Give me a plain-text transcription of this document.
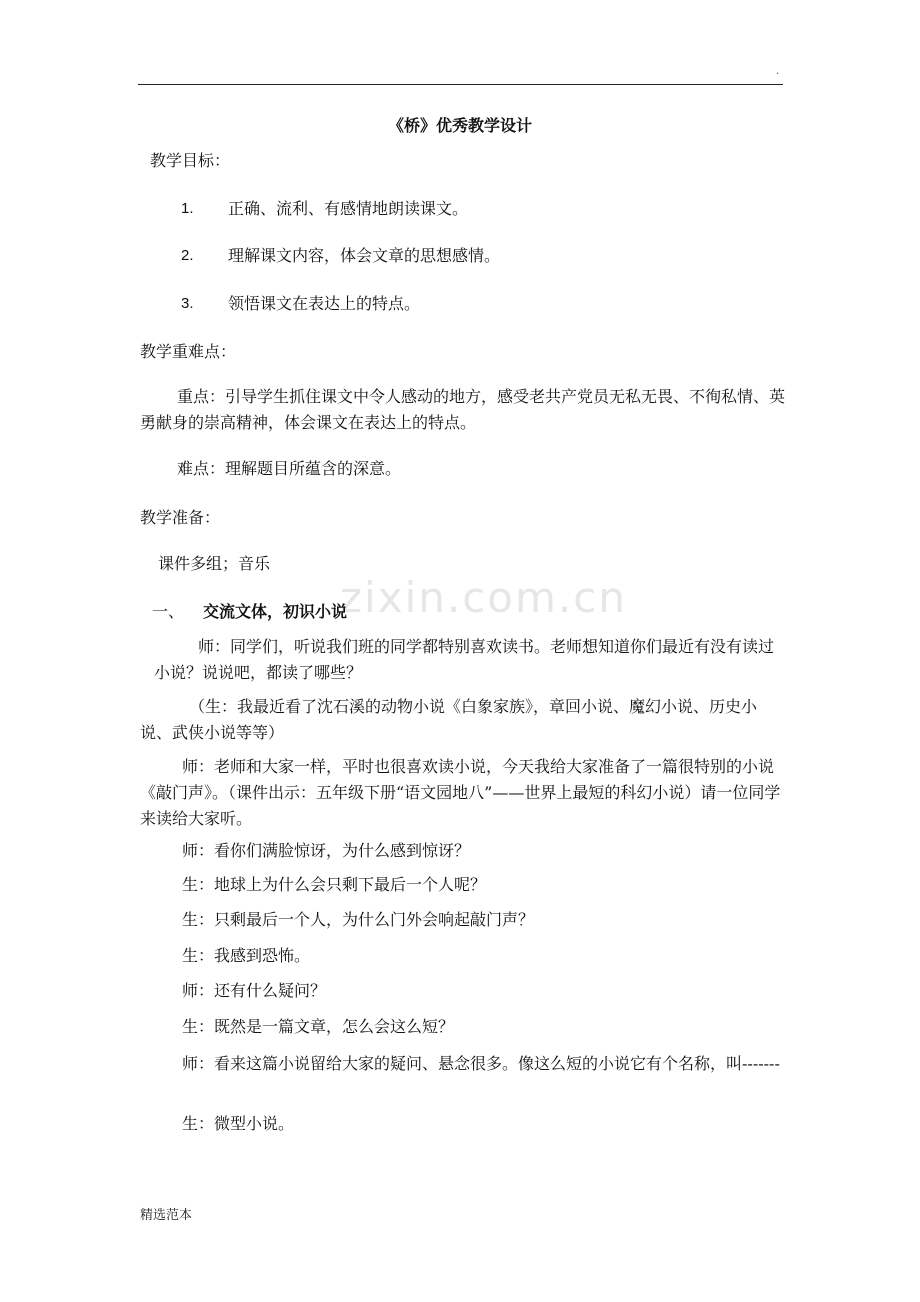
.
《桥》优秀教学设计
教学目标：
1. 正确、流利、有感情地朗读课文。
2. 理解课文内容，体会文章的思想感情。
3. 领悟课文在表达上的特点。
教学重难点：
重点：引导学生抓住课文中令人感动的地方，感受老共产党员无私无畏、不徇私情、英勇献身的崇高精神，体会课文在表达上的特点。
难点：理解题目所蕴含的深意。
教学准备：
课件多组；音乐
zixin.com.cn
一、 交流文体，初识小说
师：同学们，听说我们班的同学都特别喜欢读书。老师想知道你们最近有没有读过小说？说说吧，都读了哪些？
（生：我最近看了沈石溪的动物小说《白象家族》，章回小说、魔幻小说、历史小说、武侠小说等等）
师：老师和大家一样，平时也很喜欢读小说，今天我给大家准备了一篇很特别的小说《敲门声》。（课件出示：五年级下册“语文园地八”——世界上最短的科幻小说）请一位同学来读给大家听。
师：看你们满脸惊讶，为什么感到惊讶？
生：地球上为什么会只剩下最后一个人呢？
生：只剩最后一个人，为什么门外会响起敲门声？
生：我感到恐怖。
师：还有什么疑问？
生：既然是一篇文章，怎么会这么短？
师：看来这篇小说留给大家的疑问、悬念很多。像这么短的小说它有个名称，叫-------
生：微型小说。
精选范本
